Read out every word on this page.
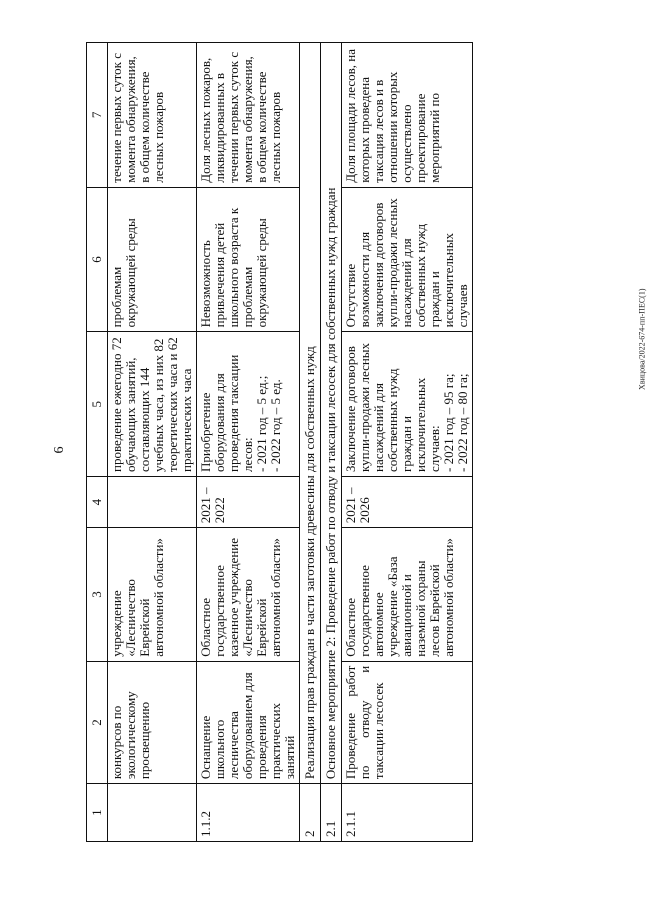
6
1	2	3	4	5	6	7
	конкурсов по экологическому просвещению	учреждение «Лесничество Еврейской автономной области»		проведение ежегодно 72 обучающих занятий, составляющих 144 учебных часа, из них 82 теоретических часа и 62 практических часа	проблемам окружающей среды	течение первых суток с момента обнаружения, в общем количестве лесных пожаров
1.1.2	Оснащение школьного лесничества оборудованием для проведения практических занятий	Областное государственное казенное учреждение «Лесничество Еврейской автономной области»	2021 – 2022	Приобретение оборудования для проведения таксации лесов:
- 2021 год – 5 ед.;
- 2022 год – 5 ед.	Невозможность привлечения детей школьного возраста к проблемам окружающей среды	Доля лесных пожаров, ликвидированных в течении первых суток с момента обнаружения, в общем количестве лесных пожаров
2	Реализация прав граждан в части заготовки древесины для собственных нужд					
2.1	Основное мероприятие 2: Проведение работ по отводу и таксации лесосек для собственных нужд граждан					
2.1.1	Проведение работ по отводу и таксации лесосек	Областное государственное автономное учреждение «База авиационной и наземной охраны лесов Еврейской автономной области»	2021 – 2026	Заключение договоров купли-продажи лесных насаждений для собственных нужд граждан и исключительных случаев:
- 2021 год – 95 га;
- 2022 год – 80 га;	Отсутствие возможности для заключения договоров купли-продажи лесных насаждений для собственных нужд граждан и исключительных случаев	Доля площади лесов, на которых проведена таксация лесов и в отношении которых осуществлено проектирование мероприятий по
Хвицова/2022-674-пп-ПЕС(1)
